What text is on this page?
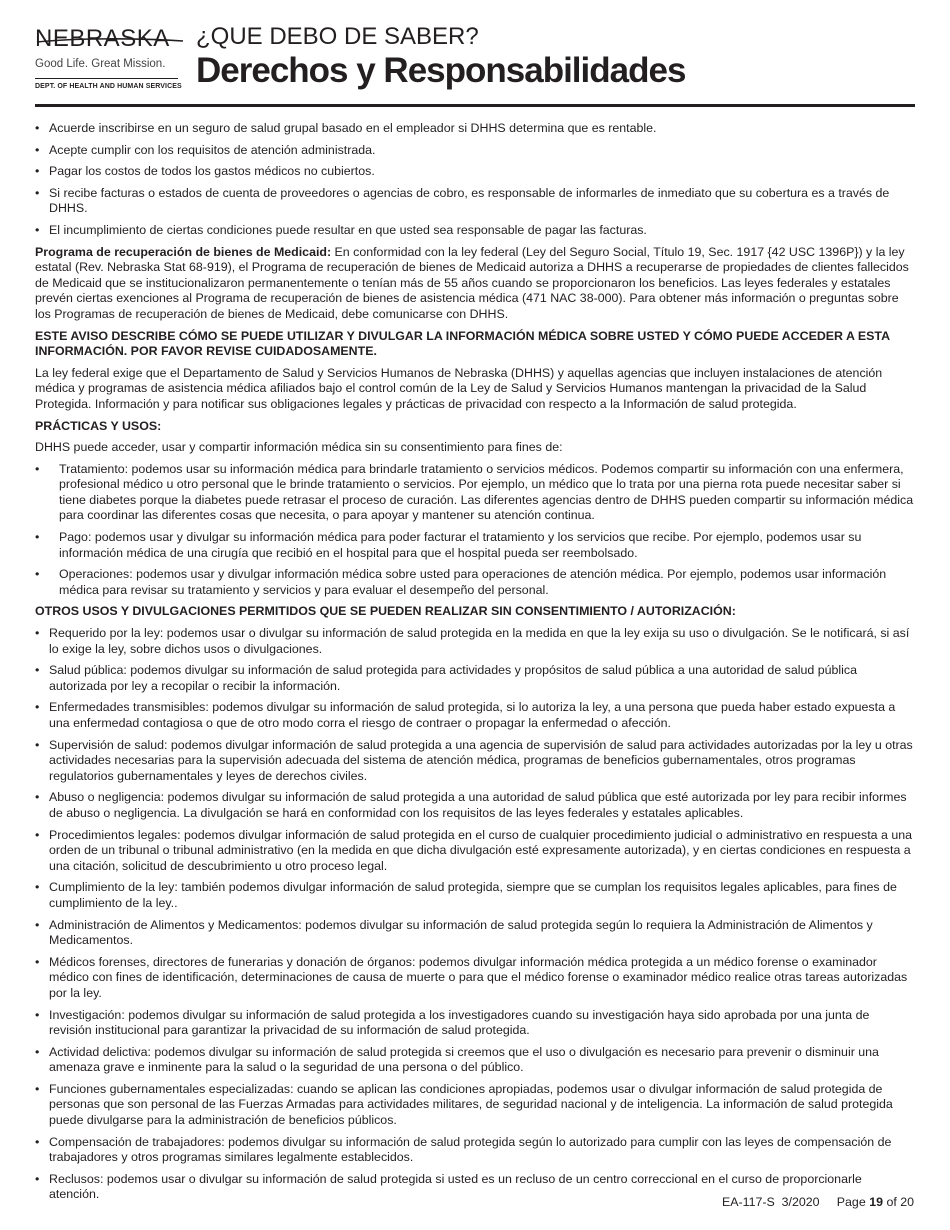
NEBRASKA
Good Life. Great Mission.
DEPT. OF HEALTH AND HUMAN SERVICES
¿QUE DEBO DE SABER?
Derechos y Responsabilidades
• Acuerde inscribirse en un seguro de salud grupal basado en el empleador si DHHS determina que es rentable.
• Acepte cumplir con los requisitos de atención administrada.
• Pagar los costos de todos los gastos médicos no cubiertos.
• Si recibe facturas o estados de cuenta de proveedores o agencias de cobro, es responsable de informarles de inmediato que su cobertura es a través de DHHS.
• El incumplimiento de ciertas condiciones puede resultar en que usted sea responsable de pagar las facturas.

Programa de recuperación de bienes de Medicaid: En conformidad con la ley federal (Ley del Seguro Social, Título 19, Sec. 1917 {42 USC 1396P}) y la ley estatal (Rev. Nebraska Stat 68-919), el Programa de recuperación de bienes de Medicaid autoriza a DHHS a recuperarse de propiedades de clientes fallecidos de Medicaid que se institucionalizaron permanentemente o tenían más de 55 años cuando se proporcionaron los beneficios. Las leyes federales y estatales prevén ciertas exenciones al Programa de recuperación de bienes de asistencia médica (471 NAC 38-000). Para obtener más información o preguntas sobre los Programas de recuperación de bienes de Medicaid, debe comunicarse con DHHS.

ESTE AVISO DESCRIBE CÓMO SE PUEDE UTILIZAR Y DIVULGAR LA INFORMACIÓN MÉDICA SOBRE USTED Y CÓMO PUEDE ACCEDER A ESTA INFORMACIÓN. POR FAVOR REVISE CUIDADOSAMENTE.

La ley federal exige que el Departamento de Salud y Servicios Humanos de Nebraska (DHHS) y aquellas agencias que incluyen instalaciones de atención médica y programas de asistencia médica afiliados bajo el control común de la Ley de Salud y Servicios Humanos mantengan la privacidad de la Salud Protegida. Información y para notificar sus obligaciones legales y prácticas de privacidad con respecto a la Información de salud protegida.

PRÁCTICAS Y USOS:

DHHS puede acceder, usar y compartir información médica sin su consentimiento para fines de:

• Tratamiento: podemos usar su información médica para brindarle tratamiento o servicios médicos. Podemos compartir su información con una enfermera, profesional médico u otro personal que le brinde tratamiento o servicios. Por ejemplo, un médico que lo trata por una pierna rota puede necesitar saber si tiene diabetes porque la diabetes puede retrasar el proceso de curación. Las diferentes agencias dentro de DHHS pueden compartir su información médica para coordinar las diferentes cosas que necesita, o para apoyar y mantener su atención continua.
• Pago: podemos usar y divulgar su información médica para poder facturar el tratamiento y los servicios que recibe. Por ejemplo, podemos usar su información médica de una cirugía que recibió en el hospital para que el hospital pueda ser reembolsado.
• Operaciones: podemos usar y divulgar información médica sobre usted para operaciones de atención médica. Por ejemplo, podemos usar información médica para revisar su tratamiento y servicios y para evaluar el desempeño del personal.
OTROS USOS Y DIVULGACIONES PERMITIDOS QUE SE PUEDEN REALIZAR SIN CONSENTIMIENTO / AUTORIZACIÓN:
• Requerido por la ley: podemos usar o divulgar su información de salud protegida en la medida en que la ley exija su uso o divulgación. Se le notificará, si así lo exige la ley, sobre dichos usos o divulgaciones.
• Salud pública: podemos divulgar su información de salud protegida para actividades y propósitos de salud pública a una autoridad de salud pública autorizada por ley a recopilar o recibir la información.
• Enfermedades transmisibles: podemos divulgar su información de salud protegida, si lo autoriza la ley, a una persona que pueda haber estado expuesta a una enfermedad contagiosa o que de otro modo corra el riesgo de contraer o propagar la enfermedad o afección.
• Supervisión de salud: podemos divulgar información de salud protegida a una agencia de supervisión de salud para actividades autorizadas por la ley u otras actividades necesarias para la supervisión adecuada del sistema de atención médica, programas de beneficios gubernamentales, otros programas regulatorios gubernamentales y leyes de derechos civiles.
• Abuso o negligencia: podemos divulgar su información de salud protegida a una autoridad de salud pública que esté autorizada por ley para recibir informes de abuso o negligencia. La divulgación se hará en conformidad con los requisitos de las leyes federales y estatales aplicables.
• Procedimientos legales: podemos divulgar información de salud protegida en el curso de cualquier procedimiento judicial o administrativo en respuesta a una orden de un tribunal o tribunal administrativo (en la medida en que dicha divulgación esté expresamente autorizada), y en ciertas condiciones en respuesta a una citación, solicitud de descubrimiento u otro proceso legal.
• Cumplimiento de la ley: también podemos divulgar información de salud protegida, siempre que se cumplan los requisitos legales aplicables, para fines de cumplimiento de la ley..
• Administración de Alimentos y Medicamentos: podemos divulgar su información de salud protegida según lo requiera la Administración de Alimentos y Medicamentos.
• Médicos forenses, directores de funerarias y donación de órganos: podemos divulgar información médica protegida a un médico forense o examinador médico con fines de identificación, determinaciones de causa de muerte o para que el médico forense o examinador médico realice otras tareas autorizadas por la ley.
• Investigación: podemos divulgar su información de salud protegida a los investigadores cuando su investigación haya sido aprobada por una junta de revisión institucional para garantizar la privacidad de su información de salud protegida.
• Actividad delictiva: podemos divulgar su información de salud protegida si creemos que el uso o divulgación es necesario para prevenir o disminuir una amenaza grave e inminente para la salud o la seguridad de una persona o del público.
• Funciones gubernamentales especializadas: cuando se aplican las condiciones apropiadas, podemos usar o divulgar información de salud protegida de personas que son personal de las Fuerzas Armadas para actividades militares, de seguridad nacional y de inteligencia. La información de salud protegida puede divulgarse para la administración de beneficios públicos.
• Compensación de trabajadores: podemos divulgar su información de salud protegida según lo autorizado para cumplir con las leyes de compensación de trabajadores y otros programas similares legalmente establecidos.
• Reclusos: podemos usar o divulgar su información de salud protegida si usted es un recluso de un centro correccional en el curso de proporcionarle atención.
EA-117-S 3/2020 Page 19 of 20
